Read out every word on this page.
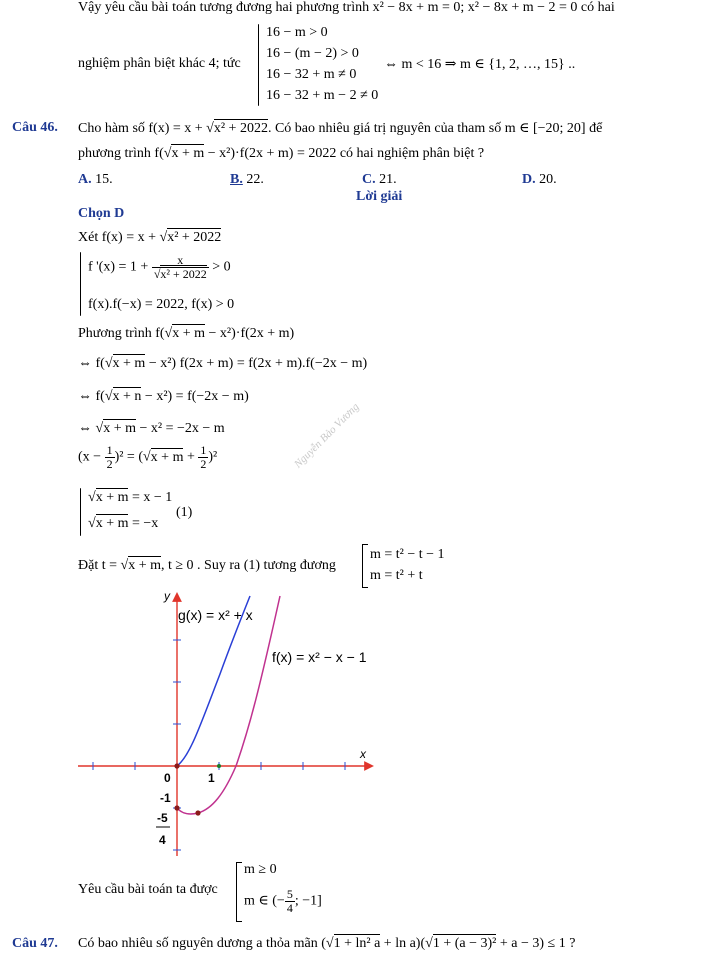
Vậy yêu cầu bài toán tương đương hai phương trình x² − 8x + m = 0; x² − 8x + m − 2 = 0 có hai
nghiệm phân biệt khác 4; tức
16 − m > 0
16 − (m − 2) > 0
16 − 32 + m ≠ 0
16 − 32 + m − 2 ≠ 0
⇔ m < 16 ⇒ m ∈ {1, 2, …, 15} ..
Câu 46. Cho hàm số f(x) = x + √x² + 2022. Có bao nhiêu giá trị nguyên của tham số m ∈ [−20; 20] để
phương trình f(√x + m − x²)·f(2x + m) = 2022 có hai nghiệm phân biệt ?
A. 15.	B. 22.	C. 21.	D. 20.
Lời giải
Chọn D
Xét f(x) = x + √x² + 2022
f '$(x) = 1 + \frac{x}{\text{√x² + 2022}} > 0$
f(x).f(−x) = 2022, f(x) > 0
Phương trình f(√x + m − x²)·f(2x + m)
⇔ f(√x + m − x²) f(2x + m) = f(2x + m).f(−2x − m)
⇔ f(√x + n − x²) = f(−2x − m)
⇔ √x + m − x² = −2x − m
$(x - \frac{1}{2} )^2 = (√x + m + \frac{1}{2} )^2$
√x + m = x − 1
√x + m = −x
(1)
Đặt t = √x + m, t ≥ 0 . Suy ra (1) tương đương
m = t² − t − 1
m = t² + t
g(x) = x² + x
f(x) = x² − x − 1
x
y
0	1
-1
-5
4
Nguyễn Bảo Vương
Yêu cầu bài toán ta được
m ≥ 0
m ∈ (− $\frac{5}{4}$ ; −1]
Câu 47. Có bao nhiêu số nguyên dương a thỏa mãn (√1 + ln² a + ln a)(√1 + (a − 3)² + a − 3) ≤ 1 ?
